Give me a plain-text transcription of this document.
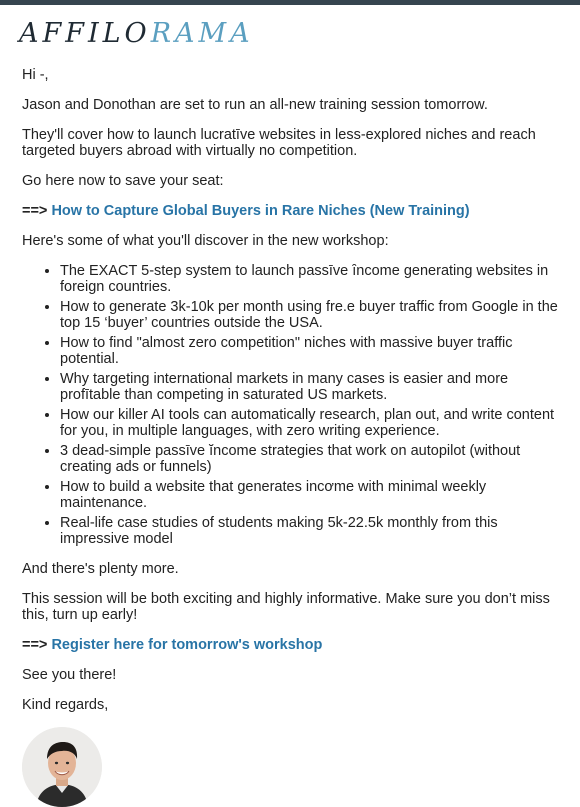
AFFILO RAMA

Hi -,

Jason and Donothan are set to run an all-new training session tomorrow.

They'll cover how to launch lucratīve websites in less-explored niches and reach targeted buyers abroad with virtually no competition.

Go here now to save your seat:

==> How to Capture Global Buyers in Rare Niches (New Training)

Here's some of what you'll discover in the new workshop:

• The EXACT 5-step system to launch passīve ȋncome generating websites in foreign countries.
• How to generate 3k-10k per month using fre.e buyer traffic from Google in the top 15 ‘buyer’ countries outside the USA.
• How to find "almost zero competition" niches with massive buyer traffic potential.
• Why targeting international markets in many cases is easier and more profītable than competing in saturated US markets.
• How our killer AI tools can automatically research, plan out, and write content for you, in multiple languages, with zero writing experience.
• 3 dead-simple passīve ĭncome strategies that work on autopilot (without creating ads or funnels)
• How to build a website that generates incơme with minimal weekly maintenance.
• Real-life case studies of students making 5k-22.5k monthly from this impressive model

And there's plenty more.

This session will be both exciting and highly informative. Make sure you don’t miss this, turn up early!

==> Register here for tomorrow's workshop

See you there!

Kind regards,
